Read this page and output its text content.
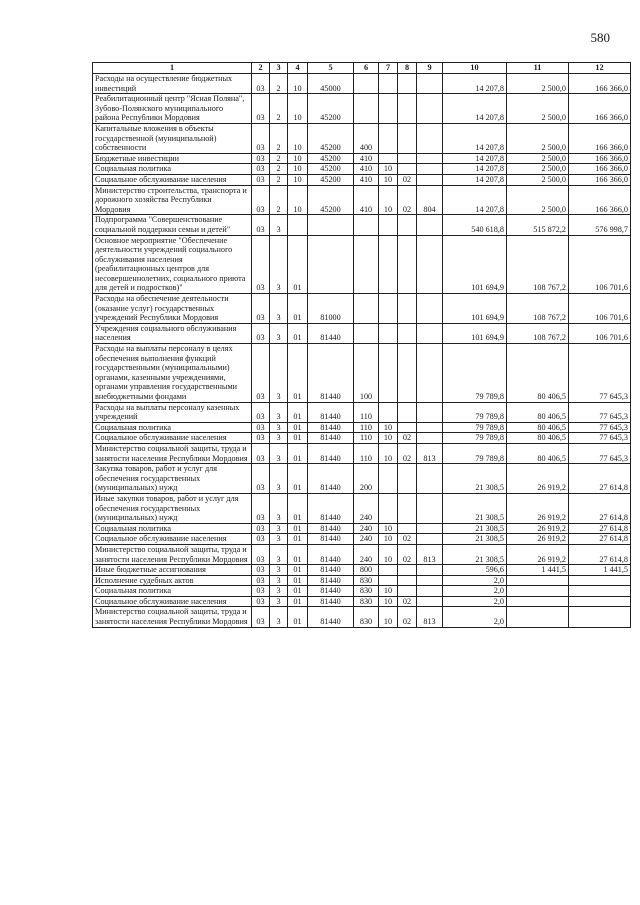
580
1	2	3	4	5	6	7	8	9	10	11	12
Расходы на осуществление бюджетных инвестиций	03	2	10	45000					14 207,8	2 500,0	166 366,0
Реабилитационный центр "Ясная Поляна", Зубово-Полянского муниципального района Республики Мордовия	03	2	10	45200					14 207,8	2 500,0	166 366,0
Капитальные вложения в объекты государственной (муниципальной) собственности	03	2	10	45200	400				14 207,8	2 500,0	166 366,0
Бюджетные инвестиции	03	2	10	45200	410				14 207,8	2 500,0	166 366,0
Социальная политика	03	2	10	45200	410	10			14 207,8	2 500,0	166 366,0
Социальное обслуживание населения	03	2	10	45200	410	10	02		14 207,8	2 500,0	166 366,0
Министерство строительства, транспорта и дорожного хозяйства Республики Мордовия	03	2	10	45200	410	10	02	804	14 207,8	2 500,0	166 366,0
Подпрограмма "Совершенствование социальной поддержки семьи и детей"	03	3							540 618,8	515 872,2	576 998,7
Основное мероприятие "Обеспечение деятельности учреждений социального обслуживания населения (реабилитационных центров для несовершеннолетних, социального приюта для детей и подростков)"	03	3	01						101 694,9	108 767,2	106 701,6
Расходы на обеспечение деятельности (оказание услуг) государственных учреждений Республики Мордовия	03	3	01	81000					101 694,9	108 767,2	106 701,6
Учреждения социального обслуживания населения	03	3	01	81440					101 694,9	108 767,2	106 701,6
Расходы на выплаты персоналу в целях обеспечения выполнения функций государственными (муниципальными) органами, казенными учреждениями, органами управления государственными внебюджетными фондами	03	3	01	81440	100				79 789,8	80 406,5	77 645,3
Расходы на выплаты персоналу казенных учреждений	03	3	01	81440	110				79 789,8	80 406,5	77 645,3
Социальная политика	03	3	01	81440	110	10			79 789,8	80 406,5	77 645,3
Социальное обслуживание населения	03	3	01	81440	110	10	02		79 789,8	80 406,5	77 645,3
Министерство социальной защиты, труда и занятости населения Республики Мордовия	03	3	01	81440	110	10	02	813	79 789,8	80 406,5	77 645,3
Закупка товаров, работ и услуг для обеспечения государственных (муниципальных) нужд	03	3	01	81440	200				21 308,5	26 919,2	27 614,8
Иные закупки товаров, работ и услуг для обеспечения государственных (муниципальных) нужд	03	3	01	81440	240				21 308,5	26 919,2	27 614,8
Социальная политика	03	3	01	81440	240	10			21 308,5	26 919,2	27 614,8
Социальное обслуживание населения	03	3	01	81440	240	10	02		21 308,5	26 919,2	27 614,8
Министерство социальной защиты, труда и занятости населения Республики Мордовия	03	3	01	81440	240	10	02	813	21 308,5	26 919,2	27 614,8
Иные бюджетные ассигнования	03	3	01	81440	800				596,6	1 441,5	1 441,5
Исполнение судебных актов	03	3	01	81440	830				2,0		
Социальная политика	03	3	01	81440	830	10			2,0		
Социальное обслуживание населения	03	3	01	81440	830	10	02		2,0		
Министерство социальной защиты, труда и занятости населения Республики Мордовия	03	3	01	81440	830	10	02	813	2,0		
